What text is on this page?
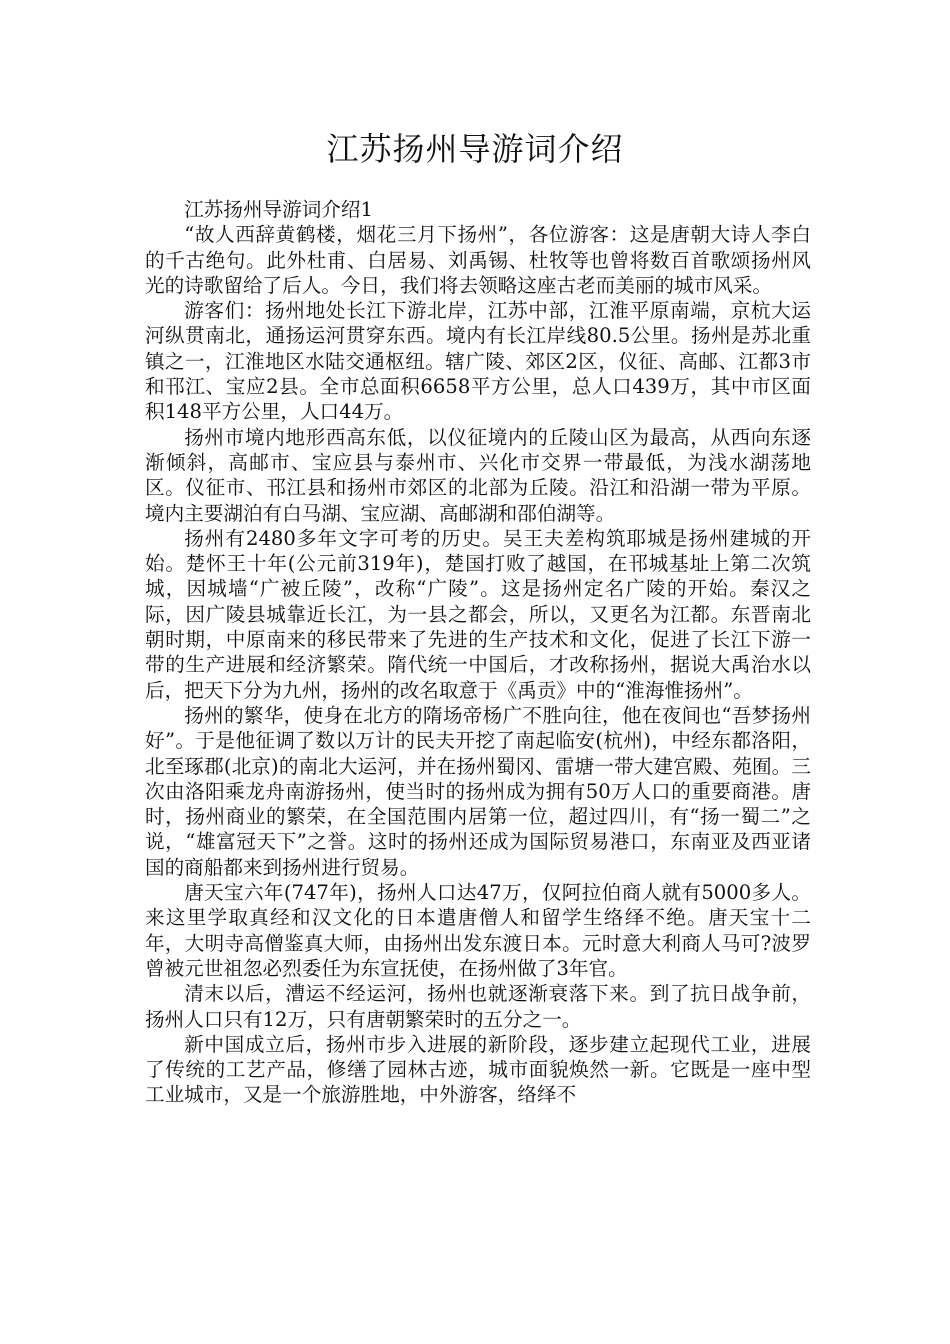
江苏扬州导游词介绍

江苏扬州导游词介绍1

“故人西辞黄鹤楼，烟花三月下扬州”，各位游客：这是唐朝大诗人李白的千古绝句。此外杜甫、白居易、刘禹锡、杜牧等也曾将数百首歌颂扬州风光的诗歌留给了后人。今日，我们将去领略这座古老而美丽的城市风采。

游客们：扬州地处长江下游北岸，江苏中部，江淮平原南端，京杭大运河纵贯南北，通扬运河贯穿东西。境内有长江岸线80.5公里。扬州是苏北重镇之一，江淮地区水陆交通枢纽。辖广陵、郊区2区，仪征、高邮、江都3市和邗江、宝应2县。全市总面积6658平方公里，总人口439万，其中市区面积148平方公里，人口44万。

扬州市境内地形西高东低，以仪征境内的丘陵山区为最高，从西向东逐渐倾斜，高邮市、宝应县与泰州市、兴化市交界一带最低，为浅水湖荡地区。仪征市、邗江县和扬州市郊区的北部为丘陵。沿江和沿湖一带为平原。境内主要湖泊有白马湖、宝应湖、高邮湖和邵伯湖等。

扬州有2480多年文字可考的历史。吴王夫差构筑耶城是扬州建城的开始。楚怀王十年(公元前319年)，楚国打败了越国，在邗城基址上第二次筑城，因城墙“广被丘陵”，改称“广陵”。这是扬州定名广陵的开始。秦汉之际，因广陵县城靠近长江，为一县之都会，所以，又更名为江都。东晋南北朝时期，中原南来的移民带来了先进的生产技术和文化，促进了长江下游一带的生产进展和经济繁荣。隋代统一中国后，才改称扬州，据说大禹治水以后，把天下分为九州，扬州的改名取意于《禹贡》中的“淮海惟扬州”。

扬州的繁华，使身在北方的隋场帝杨广不胜向往，他在夜间也“吾梦扬州好”。于是他征调了数以万计的民夫开挖了南起临安(杭州)，中经东都洛阳，北至琢郡(北京)的南北大运河，并在扬州蜀冈、雷塘一带大建宫殿、苑囿。三次由洛阳乘龙舟南游扬州，使当时的扬州成为拥有50万人口的重要商港。唐时，扬州商业的繁荣，在全国范围内居第一位，超过四川，有“扬一蜀二”之说，“雄富冠天下”之誉。这时的扬州还成为国际贸易港口，东南亚及西亚诸国的商船都来到扬州进行贸易。

唐天宝六年(747年)，扬州人口达47万，仅阿拉伯商人就有5000多人。来这里学取真经和汉文化的日本遣唐僧人和留学生络绎不绝。唐天宝十二年，大明寺高僧鉴真大师，由扬州出发东渡日本。元时意大利商人马可?波罗曾被元世祖忽必烈委任为东宣抚使，在扬州做了3年官。

清末以后，漕运不经运河，扬州也就逐渐衰落下来。到了抗日战争前，扬州人口只有12万，只有唐朝繁荣时的五分之一。

新中国成立后，扬州市步入进展的新阶段，逐步建立起现代工业，进展了传统的工艺产品，修缮了园林古迹，城市面貌焕然一新。它既是一座中型工业城市，又是一个旅游胜地，中外游客，络绎不
